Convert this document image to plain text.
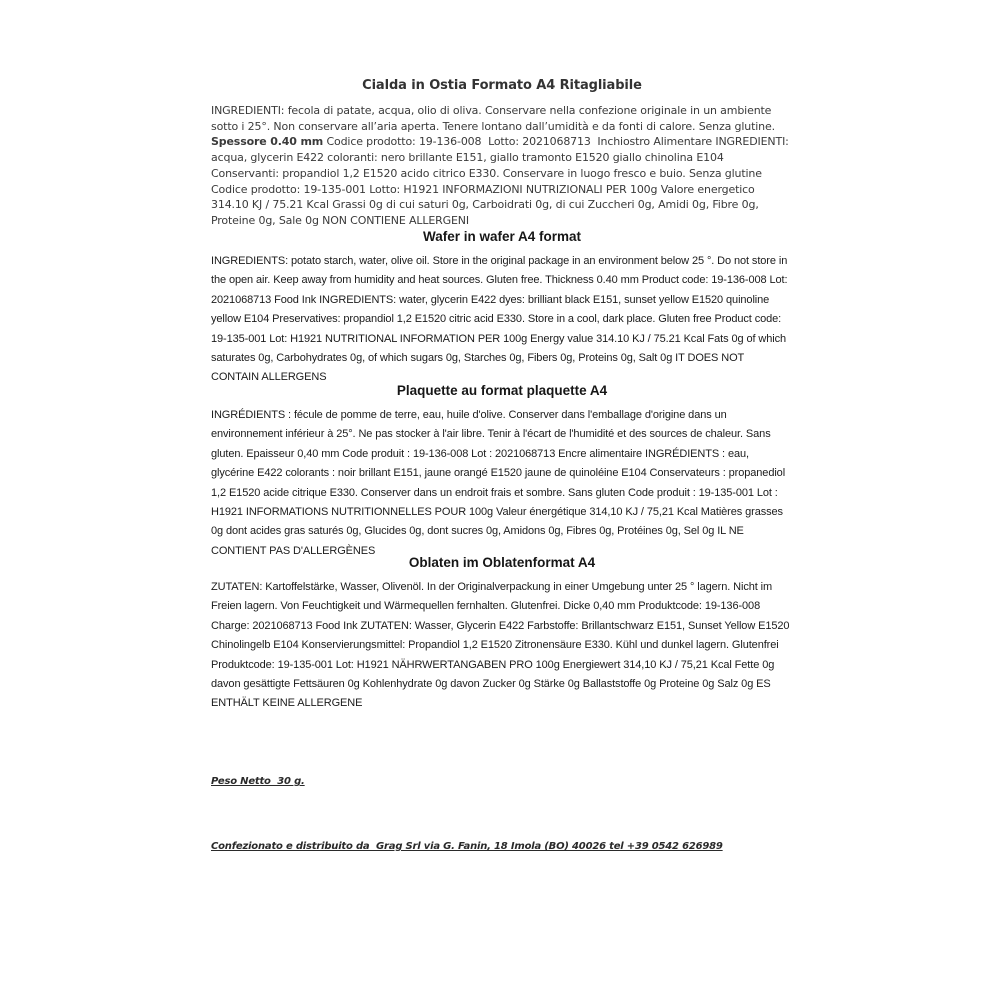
Cialda in Ostia Formato A4 Ritagliabile
INGREDIENTI: fecola di patate, acqua, olio di oliva. Conservare nella confezione originale in un ambiente sotto i 25°. Non conservare all’aria aperta. Tenere lontano dall’umidità e da fonti di calore. Senza glutine. Spessore 0.40 mm Codice prodotto: 19-136-008  Lotto: 2021068713  Inchiostro Alimentare INGREDIENTI: acqua, glycerin E422 coloranti: nero brillante E151, giallo tramonto E1520 giallo chinolina E104 Conservanti: propandiol 1,2 E1520 acido citrico E330. Conservare in luogo fresco e buio. Senza glutine Codice prodotto: 19-135-001 Lotto: H1921 INFORMAZIONI NUTRIZIONALI PER 100g Valore energetico 314.10 KJ / 75.21 Kcal Grassi 0g di cui saturi 0g, Carboidrati 0g, di cui Zuccheri 0g, Amidi 0g, Fibre 0g, Proteine 0g, Sale 0g NON CONTIENE ALLERGENI
Wafer in wafer A4 format
INGREDIENTS: potato starch, water, olive oil. Store in the original package in an environment below 25 °. Do not store in the open air. Keep away from humidity and heat sources. Gluten free. Thickness 0.40 mm Product code: 19-136-008 Lot: 2021068713 Food Ink INGREDIENTS: water, glycerin E422 dyes: brilliant black E151, sunset yellow E1520 quinoline yellow E104 Preservatives: propandiol 1,2 E1520 citric acid E330. Store in a cool, dark place. Gluten free Product code: 19-135-001 Lot: H1921 NUTRITIONAL INFORMATION PER 100g Energy value 314.10 KJ / 75.21 Kcal Fats 0g of which saturates 0g, Carbohydrates 0g, of which sugars 0g, Starches 0g, Fibers 0g, Proteins 0g, Salt 0g IT DOES NOT CONTAIN ALLERGENS
Plaquette au format plaquette A4
INGRÉDIENTS : fécule de pomme de terre, eau, huile d'olive. Conserver dans l'emballage d'origine dans un environnement inférieur à 25°. Ne pas stocker à l'air libre. Tenir à l'écart de l'humidité et des sources de chaleur. Sans gluten. Epaisseur 0,40 mm Code produit : 19-136-008 Lot : 2021068713 Encre alimentaire INGRÉDIENTS : eau, glycérine E422 colorants : noir brillant E151, jaune orangé E1520 jaune de quinoléine E104 Conservateurs : propanediol 1,2 E1520 acide citrique E330. Conserver dans un endroit frais et sombre. Sans gluten Code produit : 19-135-001 Lot : H1921 INFORMATIONS NUTRITIONNELLES POUR 100g Valeur énergétique 314,10 KJ / 75,21 Kcal Matières grasses 0g dont acides gras saturés 0g, Glucides 0g, dont sucres 0g, Amidons 0g, Fibres 0g, Protéines 0g, Sel 0g IL NE CONTIENT PAS D'ALLERGÈNES
Oblaten im Oblatenformat A4
ZUTATEN: Kartoffelstärke, Wasser, Olivenöl. In der Originalverpackung in einer Umgebung unter 25 ° lagern. Nicht im Freien lagern. Von Feuchtigkeit und Wärmequellen fernhalten. Glutenfrei. Dicke 0,40 mm Produktcode: 19-136-008 Charge: 2021068713 Food Ink ZUTATEN: Wasser, Glycerin E422 Farbstoffe: Brillantschwarz E151, Sunset Yellow E1520 Chinolingelb E104 Konservierungsmittel: Propandiol 1,2 E1520 Zitronensäure E330. Kühl und dunkel lagern. Glutenfrei Produktcode: 19-135-001 Lot: H1921 NÄHRWERTANGABEN PRO 100g Energiewert 314,10 KJ / 75,21 Kcal Fette 0g davon gesättigte Fettsäuren 0g Kohlenhydrate 0g davon Zucker 0g Stärke 0g Ballaststoffe 0g Proteine 0g Salz 0g ES ENTHÄLT KEINE ALLERGENE
Peso Netto  30 g.
Confezionato e distribuito da  Grag Srl via G. Fanin, 18 Imola (BO) 40026 tel +39 0542 626989
